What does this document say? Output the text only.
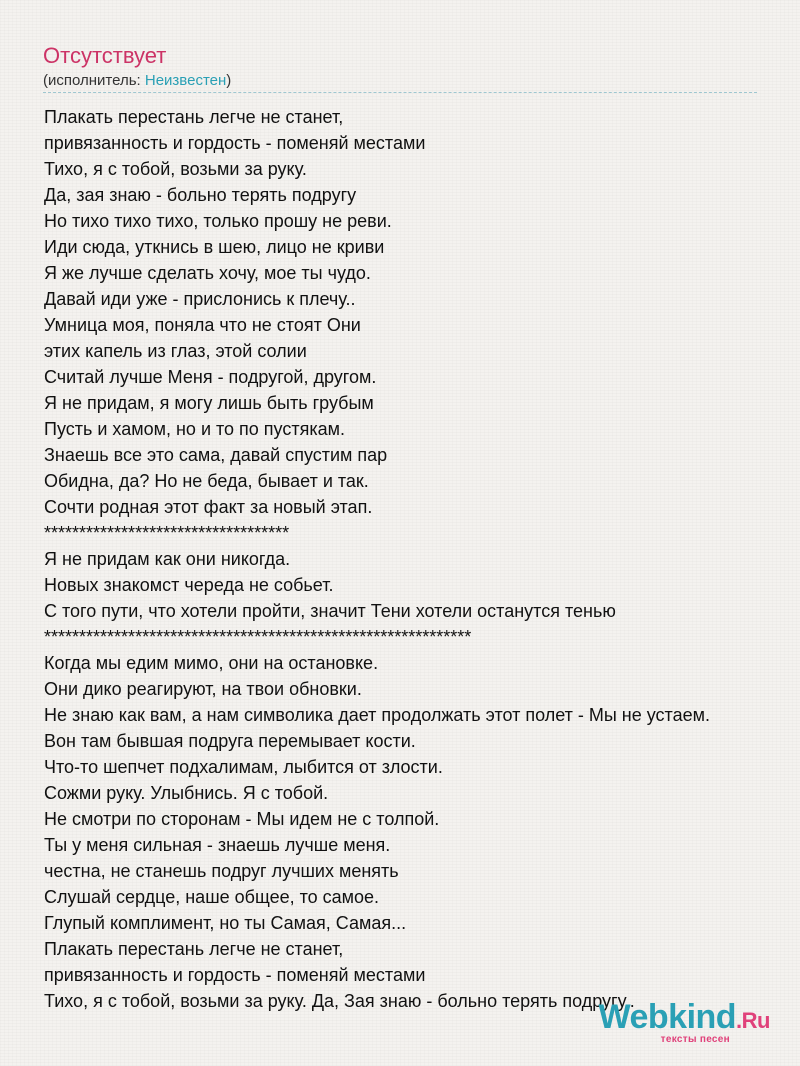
Отсутствует
(исполнитель: Неизвестен)
Плакать перестань легче не станет,
привязанность и гордость - поменяй местами
Тихо, я с тобой, возьми за руку.
Да, зая знаю - больно терять подругу
Но тихо тихо тихо, только прошу не реви.
Иди сюда, уткнись в шею, лицо не криви
Я же лучше сделать хочу, мое ты чудо.
Давай иди уже - прислонись к плечу..
Умница моя, поняла что не стоят Они
этих капель из глаз, этой солии
Считай лучше Меня - подругой, другом.
Я не придам, я могу лишь быть грубым
Пусть и хамом, но и то по пустякам.
Знаешь все это сама, давай спустим пар
Обидна, да? Но не беда, бывает и так.
Сочти родная этот факт за новый этап.
***********************************
Я не придам как они никогда.
Новых знакомст череда не собьет.
С того пути, что хотели пройти, значит Тени хотели останутся тенью
*************************************************************
Когда мы едим мимо, они на остановке.
Они дико реагируют, на твои обновки.
Не знаю как вам, а нам символика дает продолжать этот полет - Мы не устаем.
Вон там бывшая подруга перемывает кости.
Что-то шепчет подхалимам, лыбится от злости.
Сожми руку. Улыбнись. Я с тобой.
Не смотри по сторонам - Мы идем не с толпой.
Ты у меня сильная - знаешь лучше меня.
честна, не станешь подруг лучших менять
Слушай сердце, наше общее, то самое.
Глупый комплимент, но ты Самая, Самая...
Плакать перестань легче не станет,
привязанность и гордость - поменяй местами
Тихо, я с тобой, возьми за руку. Да, Зая знаю - больно терять подругу..
Webkind.Ru
тексты песен
